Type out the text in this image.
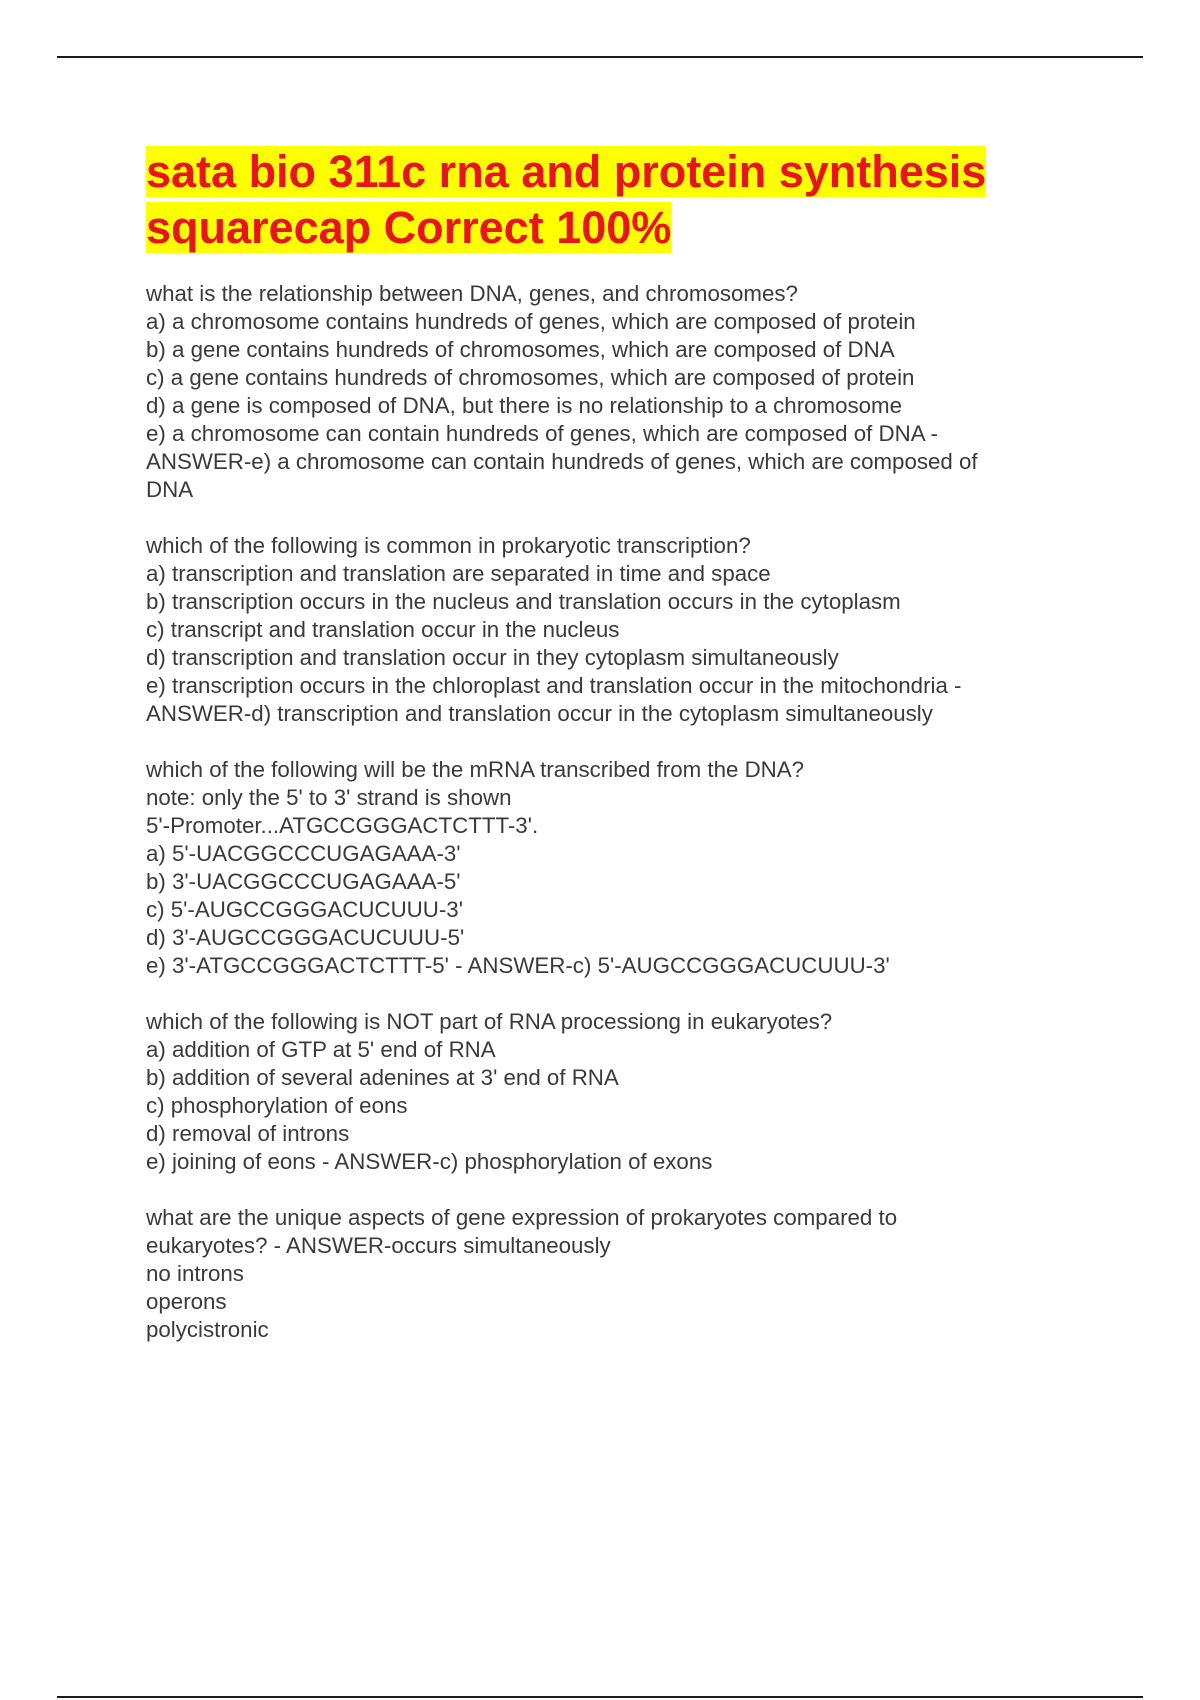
sata bio 311c rna and protein synthesis
squarecap Correct 100%
what is the relationship between DNA, genes, and chromosomes?
a) a chromosome contains hundreds of genes, which are composed of protein
b) a gene contains hundreds of chromosomes, which are composed of DNA
c) a gene contains hundreds of chromosomes, which are composed of protein
d) a gene is composed of DNA, but there is no relationship to a chromosome
e) a chromosome can contain hundreds of genes, which are composed of DNA -
ANSWER-e) a chromosome can contain hundreds of genes, which are composed of
DNA
which of the following is common in prokaryotic transcription?
a) transcription and translation are separated in time and space
b) transcription occurs in the nucleus and translation occurs in the cytoplasm
c) transcript and translation occur in the nucleus
d) transcription and translation occur in they cytoplasm simultaneously
e) transcription occurs in the chloroplast and translation occur in the mitochondria -
ANSWER-d) transcription and translation occur in the cytoplasm simultaneously
which of the following will be the mRNA transcribed from the DNA?
note: only the 5' to 3' strand is shown
5'-Promoter...ATGCCGGGACTCTTT-3'.
a) 5'-UACGGCCCUGAGAAA-3'
b) 3'-UACGGCCCUGAGAAA-5'
c) 5'-AUGCCGGGACUCUUU-3'
d) 3'-AUGCCGGGACUCUUU-5'
e) 3'-ATGCCGGGACTCTTT-5' - ANSWER-c) 5'-AUGCCGGGACUCUUU-3'
which of the following is NOT part of RNA processiong in eukaryotes?
a) addition of GTP at 5' end of RNA
b) addition of several adenines at 3' end of RNA
c) phosphorylation of eons
d) removal of introns
e) joining of eons - ANSWER-c) phosphorylation of exons
what are the unique aspects of gene expression of prokaryotes compared to
eukaryotes? - ANSWER-occurs simultaneously
no introns
operons
polycistronic
